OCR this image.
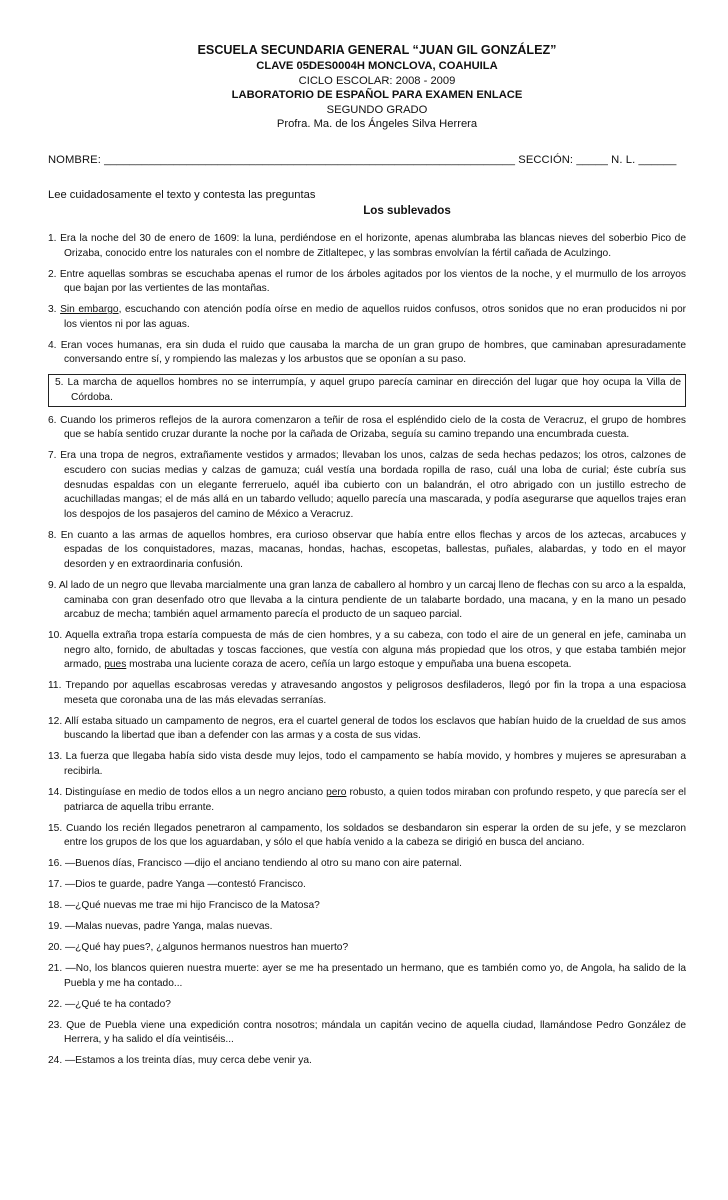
ESCUELA SECUNDARIA GENERAL “JUAN GIL GONZÁLEZ”
CLAVE 05DES0004H MONCLOVA, COAHUILA
CICLO ESCOLAR: 2008 - 2009
LABORATORIO DE ESPAÑOL PARA EXAMEN ENLACE
SEGUNDO GRADO
Profra. Ma. de los Ángeles Silva Herrera
NOMBRE: _________________________________________________________________ SECCIÓN: _____ N. L. ______
Lee cuidadosamente el texto y contesta las preguntas
Los sublevados
1. Era la noche del 30 de enero de 1609: la luna, perdiéndose en el horizonte, apenas alumbraba las blancas nieves del soberbio Pico de Orizaba, conocido entre los naturales con el nombre de Zitlaltepec, y las sombras envolvían la fértil cañada de Aculzingo.
2. Entre aquellas sombras se escuchaba apenas el rumor de los árboles agitados por los vientos de la noche, y el murmullo de los arroyos que bajan por las vertientes de las montañas.
3. Sin embargo, escuchando con atención podía oírse en medio de aquellos ruidos confusos, otros sonidos que no eran producidos ni por los vientos ni por las aguas.
4. Eran voces humanas, era sin duda el ruido que causaba la marcha de un gran grupo de hombres, que caminaban apresuradamente conversando entre sí, y rompiendo las malezas y los arbustos que se oponían a su paso.
5. La marcha de aquellos hombres no se interrumpía, y aquel grupo parecía caminar en dirección del lugar que hoy ocupa la Villa de Córdoba.
6. Cuando los primeros reflejos de la aurora comenzaron a teñir de rosa el espléndido cielo de la costa de Veracruz, el grupo de hombres que se había sentido cruzar durante la noche por la cañada de Orizaba, seguía su camino trepando una encumbrada cuesta.
7. Era una tropa de negros, extrañamente vestidos y armados; llevaban los unos, calzas de seda hechas pedazos; los otros, calzones de escudero con sucias medias y calzas de gamuza; cuál vestía una bordada ropilla de raso, cuál una loba de curial; éste cubría sus desnudas espaldas con un elegante ferreruelo, aquél iba cubierto con un balandrán, el otro abrigado con un justillo estrecho de acuchilladas mangas; el de más allá en un tabardo velludo; aquello parecía una mascarada, y podía asegurarse que aquellos trajes eran los despojos de los pasajeros del camino de México a Veracruz.
8. En cuanto a las armas de aquellos hombres, era curioso observar que había entre ellos flechas y arcos de los aztecas, arcabuces y espadas de los conquistadores, mazas, macanas, hondas, hachas, escopetas, ballestas, puñales, alabardas, y todo en el mayor desorden y en extraordinaria confusión.
9. Al lado de un negro que llevaba marcialmente una gran lanza de caballero al hombro y un carcaj lleno de flechas con su arco a la espalda, caminaba con gran desenfado otro que llevaba a la cintura pendiente de un talabarte bordado, una macana, y en la mano un pesado arcabuz de mecha; también aquel armamento parecía el producto de un saqueo parcial.
10. Aquella extraña tropa estaría compuesta de más de cien hombres, y a su cabeza, con todo el aire de un general en jefe, caminaba un negro alto, fornido, de abultadas y toscas facciones, que vestía con alguna más propiedad que los otros, y que estaba también mejor armado, pues mostraba una luciente coraza de acero, ceñía un largo estoque y empuñaba una buena escopeta.
11. Trepando por aquellas escabrosas veredas y atravesando angostos y peligrosos desfiladeros, llegó por fin la tropa a una espaciosa meseta que coronaba una de las más elevadas serranías.
12. Allí estaba situado un campamento de negros, era el cuartel general de todos los esclavos que habían huido de la crueldad de sus amos buscando la libertad que iban a defender con las armas y a costa de sus vidas.
13. La fuerza que llegaba había sido vista desde muy lejos, todo el campamento se había movido, y hombres y mujeres se apresuraban a recibirla.
14. Distinguíase en medio de todos ellos a un negro anciano pero robusto, a quien todos miraban con profundo respeto, y que parecía ser el patriarca de aquella tribu errante.
15. Cuando los recién llegados penetraron al campamento, los soldados se desbandaron sin esperar la orden de su jefe, y se mezclaron entre los grupos de los que los aguardaban, y sólo el que había venido a la cabeza se dirigió en busca del anciano.
16. —Buenos días, Francisco —dijo el anciano tendiendo al otro su mano con aire paternal.
17. —Dios te guarde, padre Yanga —contestó Francisco.
18. —¿Qué nuevas me trae mi hijo Francisco de la Matosa?
19. —Malas nuevas, padre Yanga, malas nuevas.
20. —¿Qué hay pues?, ¿algunos hermanos nuestros han muerto?
21. —No, los blancos quieren nuestra muerte: ayer se me ha presentado un hermano, que es también como yo, de Angola, ha salido de la Puebla y me ha contado...
22. —¿Qué te ha contado?
23. Que de Puebla viene una expedición contra nosotros; mándala un capitán vecino de aquella ciudad, llamándose Pedro González de Herrera, y ha salido el día veintiséis...
24. —Estamos a los treinta días, muy cerca debe venir ya.
